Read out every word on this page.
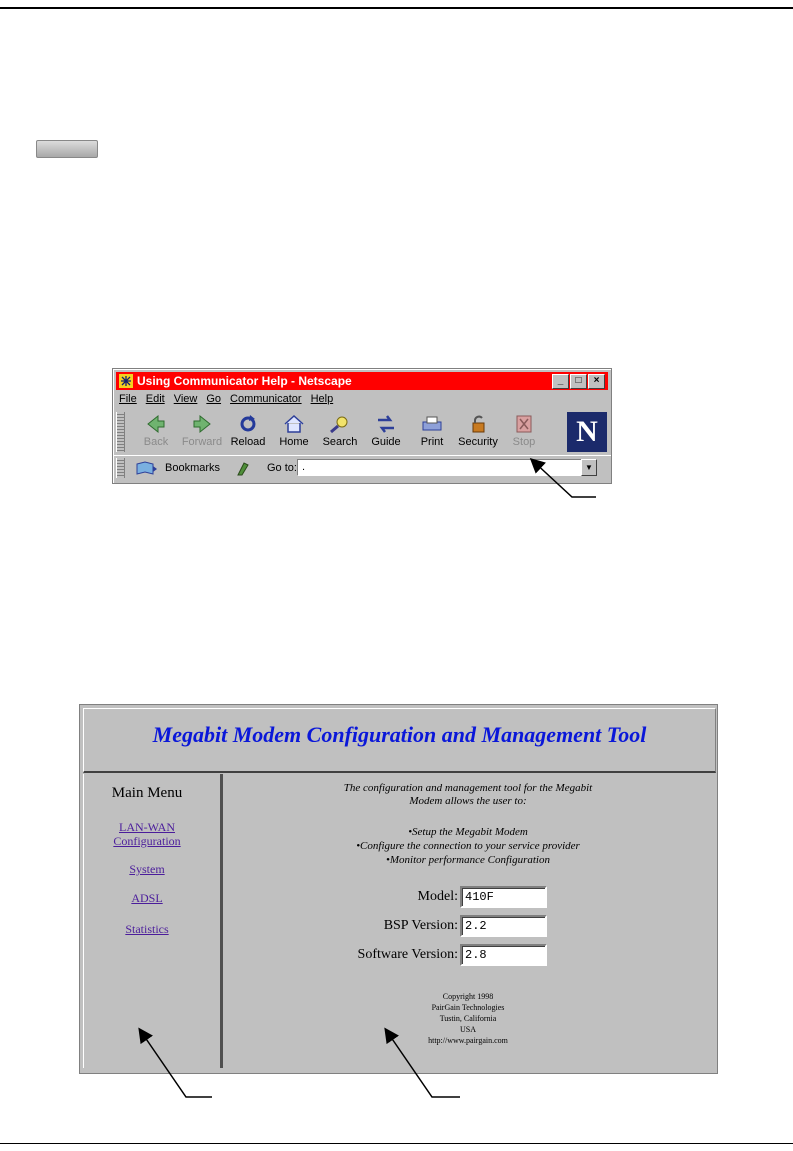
Using Communicator Help - Netscape	_	□	×
File Edit View Go Communicator Help
Back	Forward Reload	Home	Search	Guide	Print	Security	Stop	N
Bookmarks	Go to: .	▼
Megabit Modem Configuration and Management Tool
Main Menu
LAN-WAN
Configuration
System
ADSL
Statistics
The configuration and management tool for the Megabit
Modem allows the user to:
•Setup the Megabit Modem
•Configure the connection to your service provider
•Monitor performance Configuration
Model: 410F
BSP Version: 2.2
Software Version: 2.8
Copyright 1998
PairGain Technologies
Tustin, California
USA
http://www.pairgain.com
